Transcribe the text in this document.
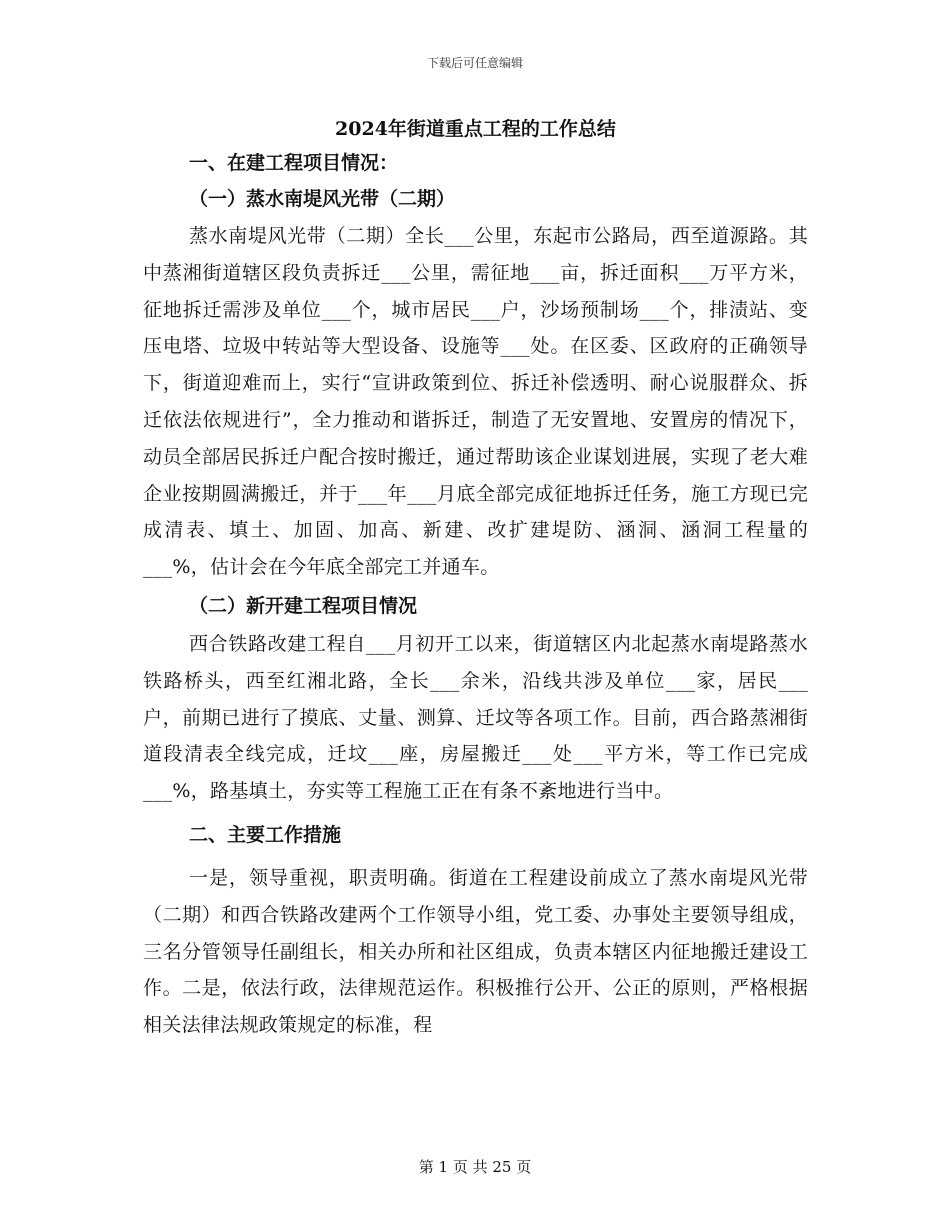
下载后可任意编辑

2024年街道重点工程的工作总结

一、在建工程项目情况：

（一）蒸水南堤风光带（二期）

蒸水南堤风光带（二期）全长___公里，东起市公路局，西至道源路。其中蒸湘街道辖区段负责拆迁___公里，需征地___亩，拆迁面积___万平方米，征地拆迁需涉及单位___个，城市居民___户，沙场预制场___个，排渍站、变压电塔、垃圾中转站等大型设备、设施等___处。在区委、区政府的正确领导下，街道迎难而上，实行“宣讲政策到位、拆迁补偿透明、耐心说服群众、拆迁依法依规进行”，全力推动和谐拆迁，制造了无安置地、安置房的情况下，动员全部居民拆迁户配合按时搬迁，通过帮助该企业谋划进展，实现了老大难企业按期圆满搬迁，并于___年___月底全部完成征地拆迁任务，施工方现已完成清表、填土、加固、加高、新建、改扩建堤防、涵洞、涵洞工程量的___%，估计会在今年底全部完工并通车。

（二）新开建工程项目情况

西合铁路改建工程自___月初开工以来，街道辖区内北起蒸水南堤路蒸水铁路桥头，西至红湘北路，全长___余米，沿线共涉及单位___家，居民___户，前期已进行了摸底、丈量、测算、迁坟等各项工作。目前，西合路蒸湘街道段清表全线完成，迁坟___座，房屋搬迁___处___平方米，等工作已完成___%，路基填土，夯实等工程施工正在有条不紊地进行当中。

二、主要工作措施

一是，领导重视，职责明确。街道在工程建设前成立了蒸水南堤风光带（二期）和西合铁路改建两个工作领导小组，党工委、办事处主要领导组成，三名分管领导任副组长，相关办所和社区组成，负责本辖区内征地搬迁建设工作。二是，依法行政，法律规范运作。积极推行公开、公正的原则，严格根据相关法律法规政策规定的标准，程

第 1 页 共 25 页
